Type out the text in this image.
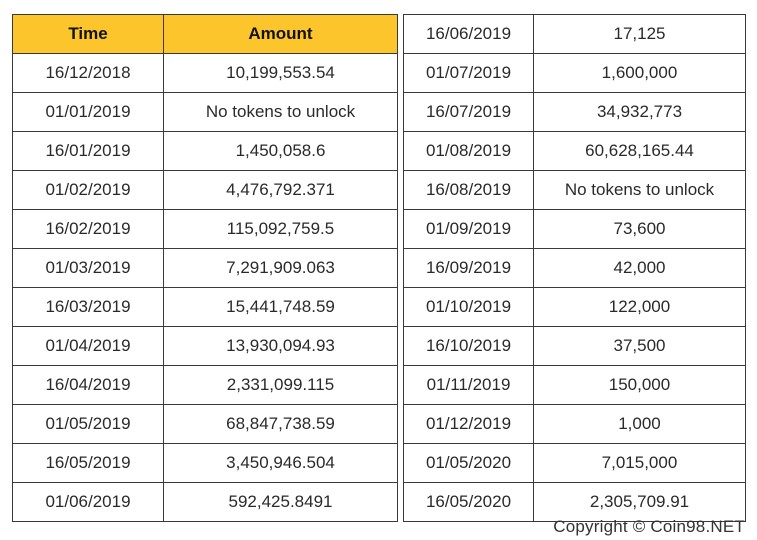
Time	Amount
16/12/2018	10,199,553.54
01/01/2019	No tokens to unlock
16/01/2019	1,450,058.6
01/02/2019	4,476,792.371
16/02/2019	115,092,759.5
01/03/2019	7,291,909.063
16/03/2019	15,441,748.59
01/04/2019	13,930,094.93
16/04/2019	2,331,099.115
01/05/2019	68,847,738.59
16/05/2019	3,450,946.504
01/06/2019	592,425.8491
16/06/2019	17,125
01/07/2019	1,600,000
16/07/2019	34,932,773
01/08/2019	60,628,165.44
16/08/2019	No tokens to unlock
01/09/2019	73,600
16/09/2019	42,000
01/10/2019	122,000
16/10/2019	37,500
01/11/2019	150,000
01/12/2019	1,000
01/05/2020	7,015,000
16/05/2020	2,305,709.91
Copyright © Coin98.NET
